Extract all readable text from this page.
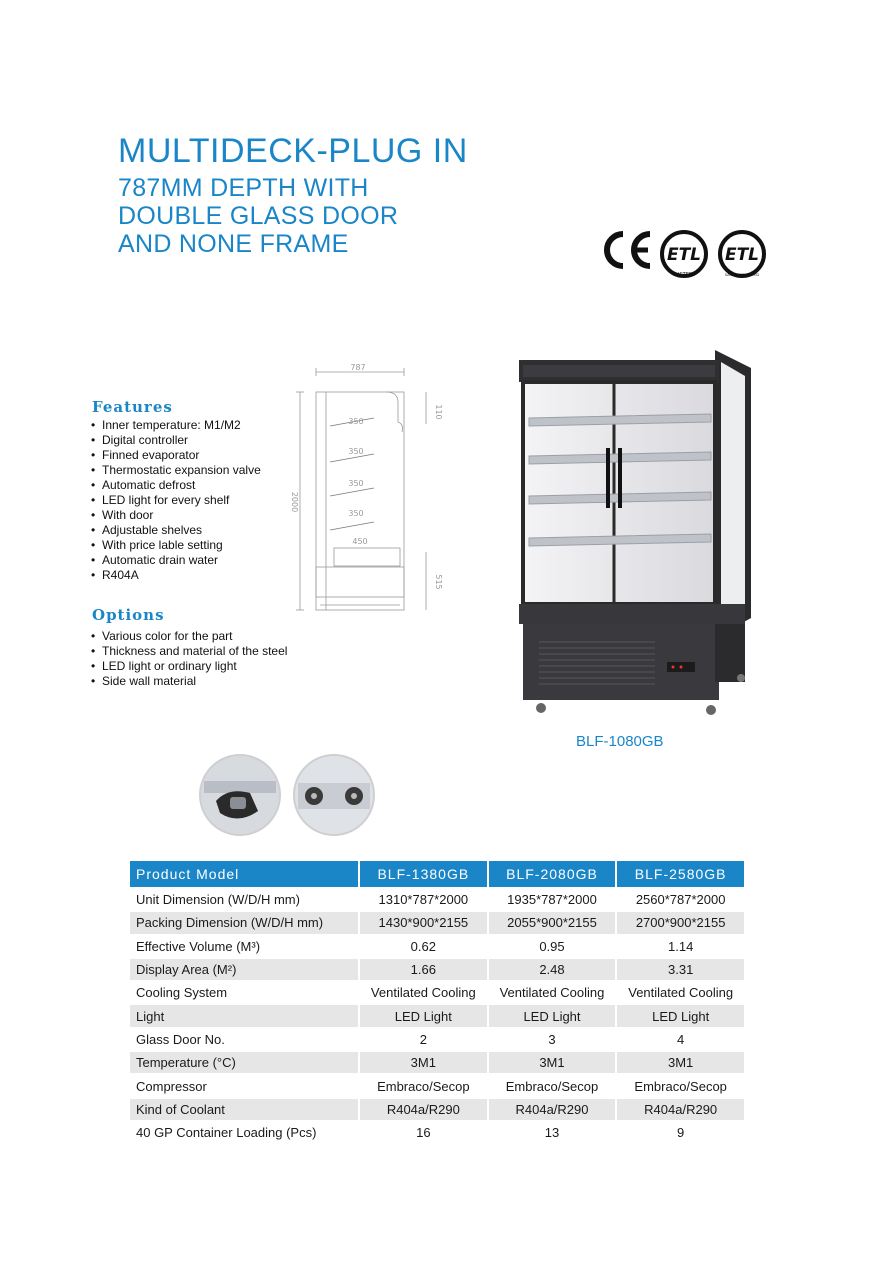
MULTIDECK-PLUG IN
787MM DEPTH WITH
DOUBLE GLASS DOOR
AND NONE FRAME	ETL
LISTED
ETL
SANITATION LISTED
787
2000
110
515
350
350
350
350
450
Features
• Inner temperature: M1/M2
• Digital controller
• Finned evaporator
• Thermostatic expansion valve
• Automatic defrost
• LED light for every shelf
• With door
• Adjustable shelves
• With price lable setting
• Automatic drain water
• R404A
Options
• Various color for the part
• Thickness and material of the steel
• LED light or ordinary light
• Side wall material
BLF-1080GB
Product Model	BLF-1380GB	BLF-2080GB	BLF-2580GB
Unit Dimension (W/D/H mm)	1310*787*2000	1935*787*2000	2560*787*2000
Packing Dimension (W/D/H mm)	1430*900*2155	2055*900*2155	2700*900*2155
Effective Volume (M³)	0.62	0.95	1.14
Display Area (M²)	1.66	2.48	3.31
Cooling System	Ventilated Cooling	Ventilated Cooling	Ventilated Cooling
Light	LED Light	LED Light	LED Light
Glass Door No.	2	3	4
Temperature (°C)	3M1	3M1	3M1
Compressor	Embraco/Secop	Embraco/Secop	Embraco/Secop
Kind of Coolant	R404a/R290	R404a/R290	R404a/R290
40 GP Container Loading (Pcs)	16	13	9
